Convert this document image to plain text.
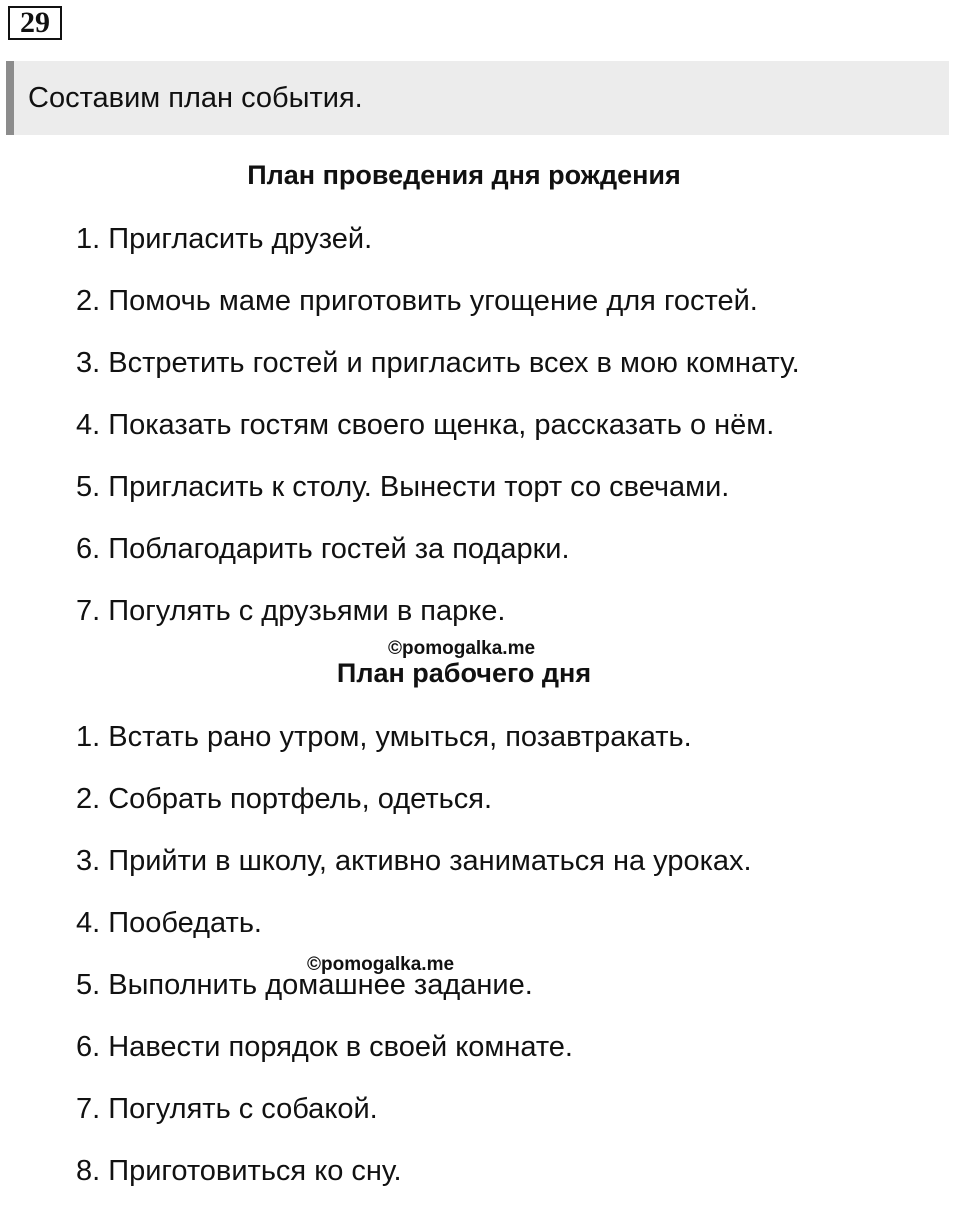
29
Составим план события.
План проведения дня рождения
1. Пригласить друзей.
2. Помочь маме приготовить угощение для гостей.
3. Встретить гостей и пригласить всех в мою комнату.
4. Показать гостям своего щенка, рассказать о нём.
5. Пригласить к столу. Вынести торт со свечами.
6. Поблагодарить гостей за подарки.
7. Погулять с друзьями в парке.
©pomogalka.me
План рабочего дня
1. Встать рано утром, умыться, позавтракать.
2. Собрать портфель, одеться.
3. Прийти в школу, активно заниматься на уроках.
4. Пообедать.
5. Выполнить домашнее задание.
6. Навести порядок в своей комнате.
7. Погулять с собакой.
8. Приготовиться ко сну.
©pomogalka.me
